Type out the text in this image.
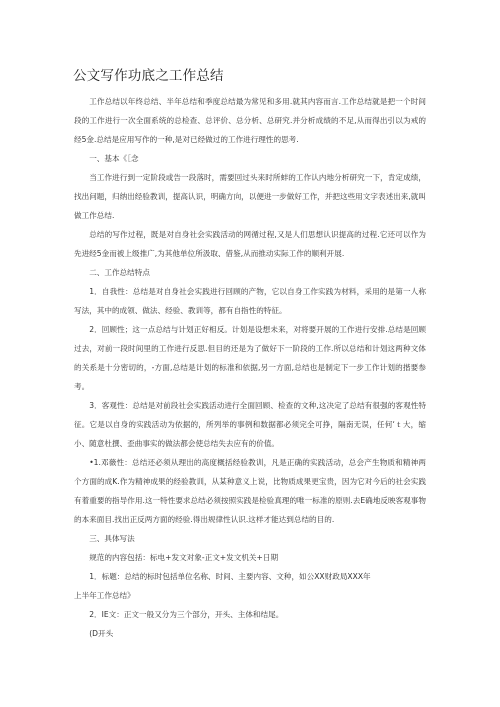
公文写作功底之工作总结

工作总结以年终总结、半年总结和季度总结最为常见和多用.就其内容而言.工作总结就是把一个时间段的工作进行一次全面系统的总检查、总评价、总分析、总研究.并分析成绩的不足,从而得出引以为戒的经5金.总结是应用写作的一种,是对已经做过的工作进行理性的思考.

一、基本《［念

当工作进行到一定阶段或告一段落时，需要回过头来时所蚌的工作认内地分析研究一下，肯定成绩，找出问题，归纳出经验教训，提高认识，明确方向，以便进一步做好工作，并把这些用文字表述出来,就叫做工作总结.

总结的写作过程，既是对自身社会实践活动的网循过程,又是人们思想认识提高的过程.它还可以作为先进经5金而被上级推广,为其他单位所汲取、借鉴,从而推动实际工作的顺利开展.

二、工作总结特点

1．自我性：总结是对自身社会实践进行回顾的产物，它以自身工作实践为材料，采用的是第一人称写法，其中的成领、做法、经验、教训等，都有自指性的特征。

2．回顾性；这一点总结与计划正好相反。计划是设想未来，对将要开展的工作进行安排.总结是回顾过去，对前一段时间里的工作进行反思.但目的还是为了做好下一阶段的工作.所以总结和计划这两种文体的关系是十分密切的，-方面,总结是计划的标准和依据,另一方面,总结也是制定下一步工作计划的揩要参考。

3．客观性：总结是对前段社会实践活动进行全面回顾、检查的文种,这决定了总结有很强的客观性特征。它是以自身的实践活动为依据的，所列举的事例和数据都必须完全可挣，隔南无误，任何‘ｔ大，缩小、随意杜撰、歪曲事实的做法都会使总结失去应有的价值。

•1.邓薇性：总结还必须从理出的高度概括经验教训，凡是正确的实践活动，总会产生物质和精神两个方面的成K.作为精神成果的经验教训，从某种意义上说，比物质成果更宝贵，因为它对今后的社会实践有着重要的指导作用.这一特性要求总结必须按照实践是检验真理的唯一标准的原则.去E确地反映客观事物的本来面目.找出正反两方面的经验.得出规律性认识.这样才能达到总结的目的.

三、具体写法

规范的内容包括：标电+发文对象-正文+发文机关+日期

1．标题：总结的标时包括单位名称、时间、主要内容、文种，如公XX财政局XXX年

上半年工作总结》

2．IE文：正文一般又分为三个部分，开头、主体和结尾。

(D开头
